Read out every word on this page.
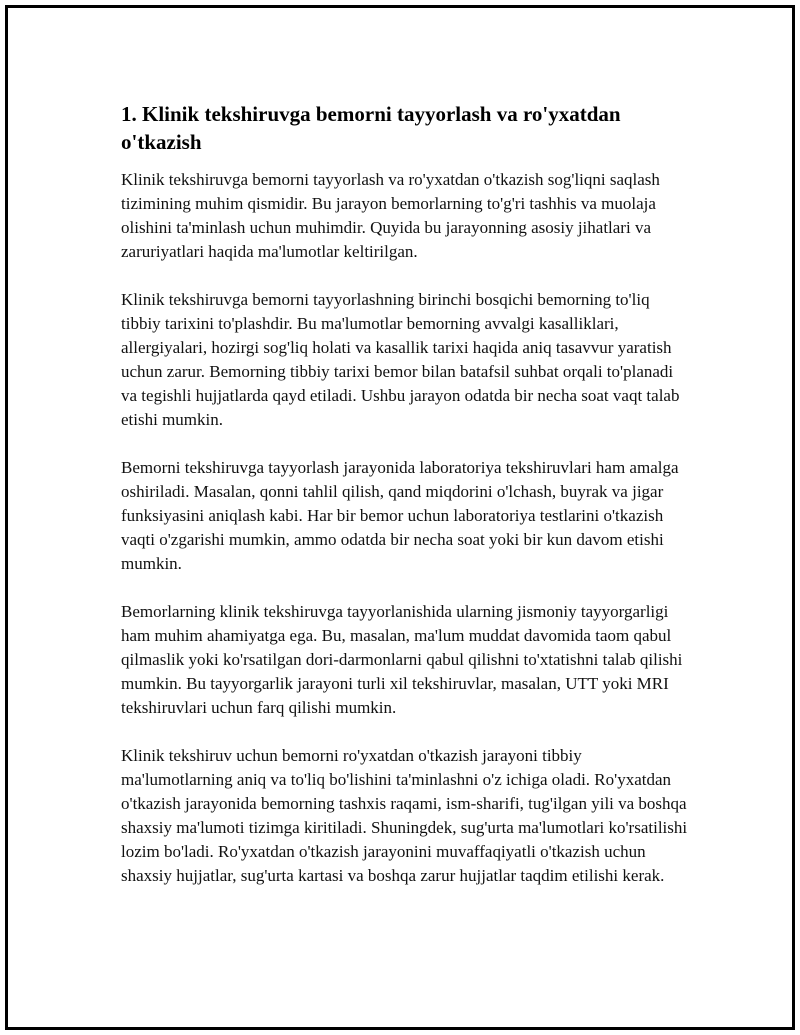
1. Klinik tekshiruvga bemorni tayyorlash va ro'yxatdan o'tkazish

Klinik tekshiruvga bemorni tayyorlash va ro'yxatdan o'tkazish sog'liqni saqlash tizimining muhim qismidir. Bu jarayon bemorlarning to'g'ri tashhis va muolaja olishini ta'minlash uchun muhimdir. Quyida bu jarayonning asosiy jihatlari va zaruriyatlari haqida ma'lumotlar keltirilgan.

Klinik tekshiruvga bemorni tayyorlashning birinchi bosqichi bemorning to'liq tibbiy tarixini to'plashdir. Bu ma'lumotlar bemorning avvalgi kasalliklari, allergiyalari, hozirgi sog'liq holati va kasallik tarixi haqida aniq tasavvur yaratish uchun zarur. Bemorning tibbiy tarixi bemor bilan batafsil suhbat orqali to'planadi va tegishli hujjatlarda qayd etiladi. Ushbu jarayon odatda bir necha soat vaqt talab etishi mumkin.

Bemorni tekshiruvga tayyorlash jarayonida laboratoriya tekshiruvlari ham amalga oshiriladi. Masalan, qonni tahlil qilish, qand miqdorini o'lchash, buyrak va jigar funksiyasini aniqlash kabi. Har bir bemor uchun laboratoriya testlarini o'tkazish vaqti o'zgarishi mumkin, ammo odatda bir necha soat yoki bir kun davom etishi mumkin.

Bemorlarning klinik tekshiruvga tayyorlanishida ularning jismoniy tayyorgarligi ham muhim ahamiyatga ega. Bu, masalan, ma'lum muddat davomida taom qabul qilmaslik yoki ko'rsatilgan dori-darmonlarni qabul qilishni to'xtatishni talab qilishi mumkin. Bu tayyorgarlik jarayoni turli xil tekshiruvlar, masalan, UTT yoki MRI tekshiruvlari uchun farq qilishi mumkin.

Klinik tekshiruv uchun bemorni ro'yxatdan o'tkazish jarayoni tibbiy ma'lumotlarning aniq va to'liq bo'lishini ta'minlashni o'z ichiga oladi. Ro'yxatdan o'tkazish jarayonida bemorning tashxis raqami, ism-sharifi, tug'ilgan yili va boshqa shaxsiy ma'lumoti tizimga kiritiladi. Shuningdek, sug'urta ma'lumotlari ko'rsatilishi lozim bo'ladi. Ro'yxatdan o'tkazish jarayonini muvaffaqiyatli o'tkazish uchun shaxsiy hujjatlar, sug'urta kartasi va boshqa zarur hujjatlar taqdim etilishi kerak.
